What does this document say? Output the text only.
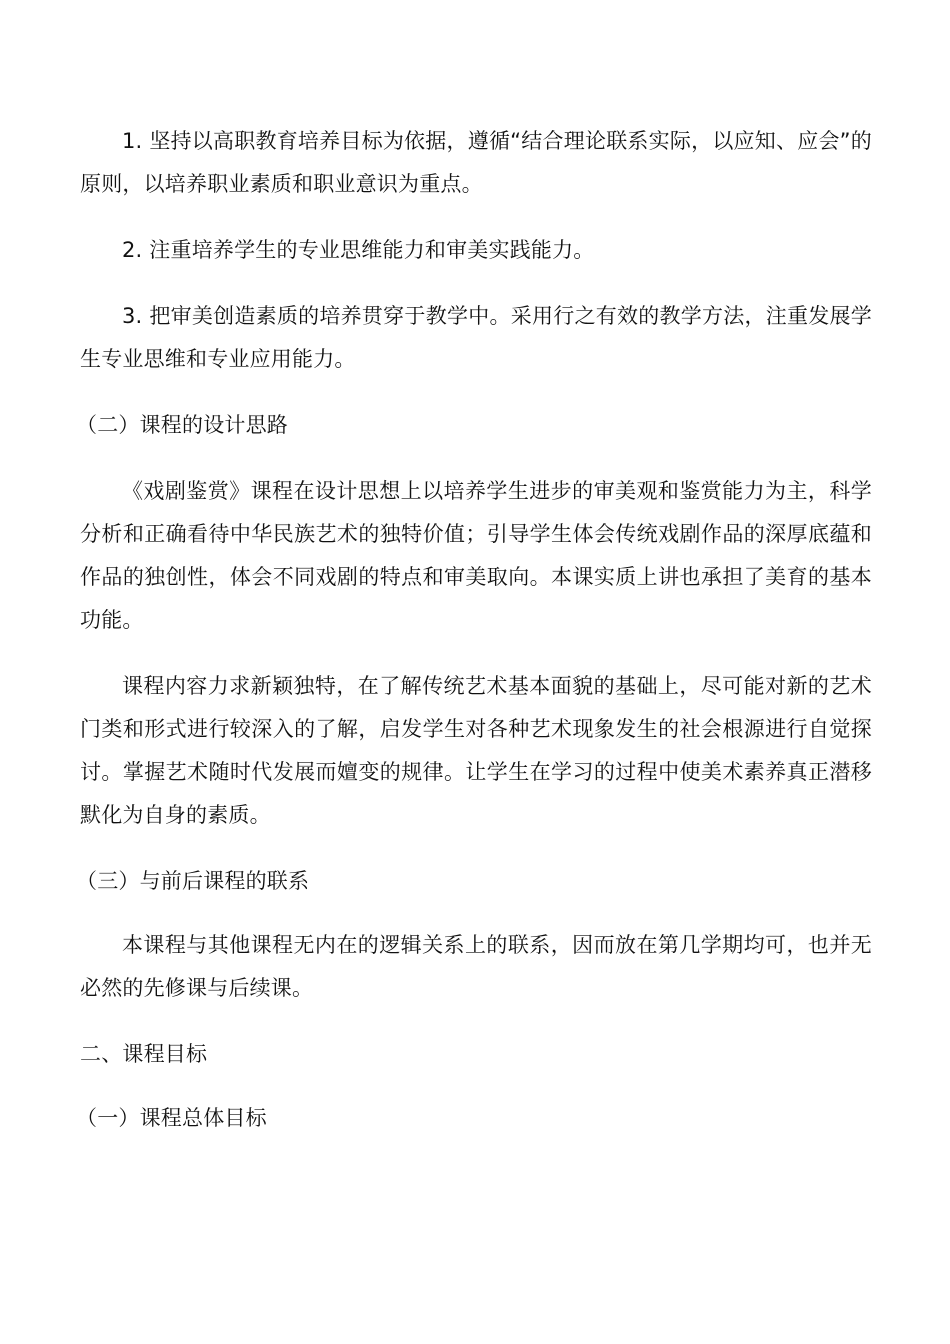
1. 坚持以高职教育培养目标为依据，遵循“结合理论联系实际，以应知、应会”的原则，以培养职业素质和职业意识为重点。

2. 注重培养学生的专业思维能力和审美实践能力。

3. 把审美创造素质的培养贯穿于教学中。采用行之有效的教学方法，注重发展学生专业思维和专业应用能力。

（二）课程的设计思路

《戏剧鉴赏》课程在设计思想上以培养学生进步的审美观和鉴赏能力为主，科学分析和正确看待中华民族艺术的独特价值；引导学生体会传统戏剧作品的深厚底蕴和作品的独创性，体会不同戏剧的特点和审美取向。本课实质上讲也承担了美育的基本功能。

课程内容力求新颖独特，在了解传统艺术基本面貌的基础上，尽可能对新的艺术门类和形式进行较深入的了解，启发学生对各种艺术现象发生的社会根源进行自觉探讨。掌握艺术随时代发展而嬗变的规律。让学生在学习的过程中使美术素养真正潜移默化为自身的素质。

（三）与前后课程的联系

本课程与其他课程无内在的逻辑关系上的联系，因而放在第几学期均可，也并无必然的先修课与后续课。

二、课程目标

（一）课程总体目标
